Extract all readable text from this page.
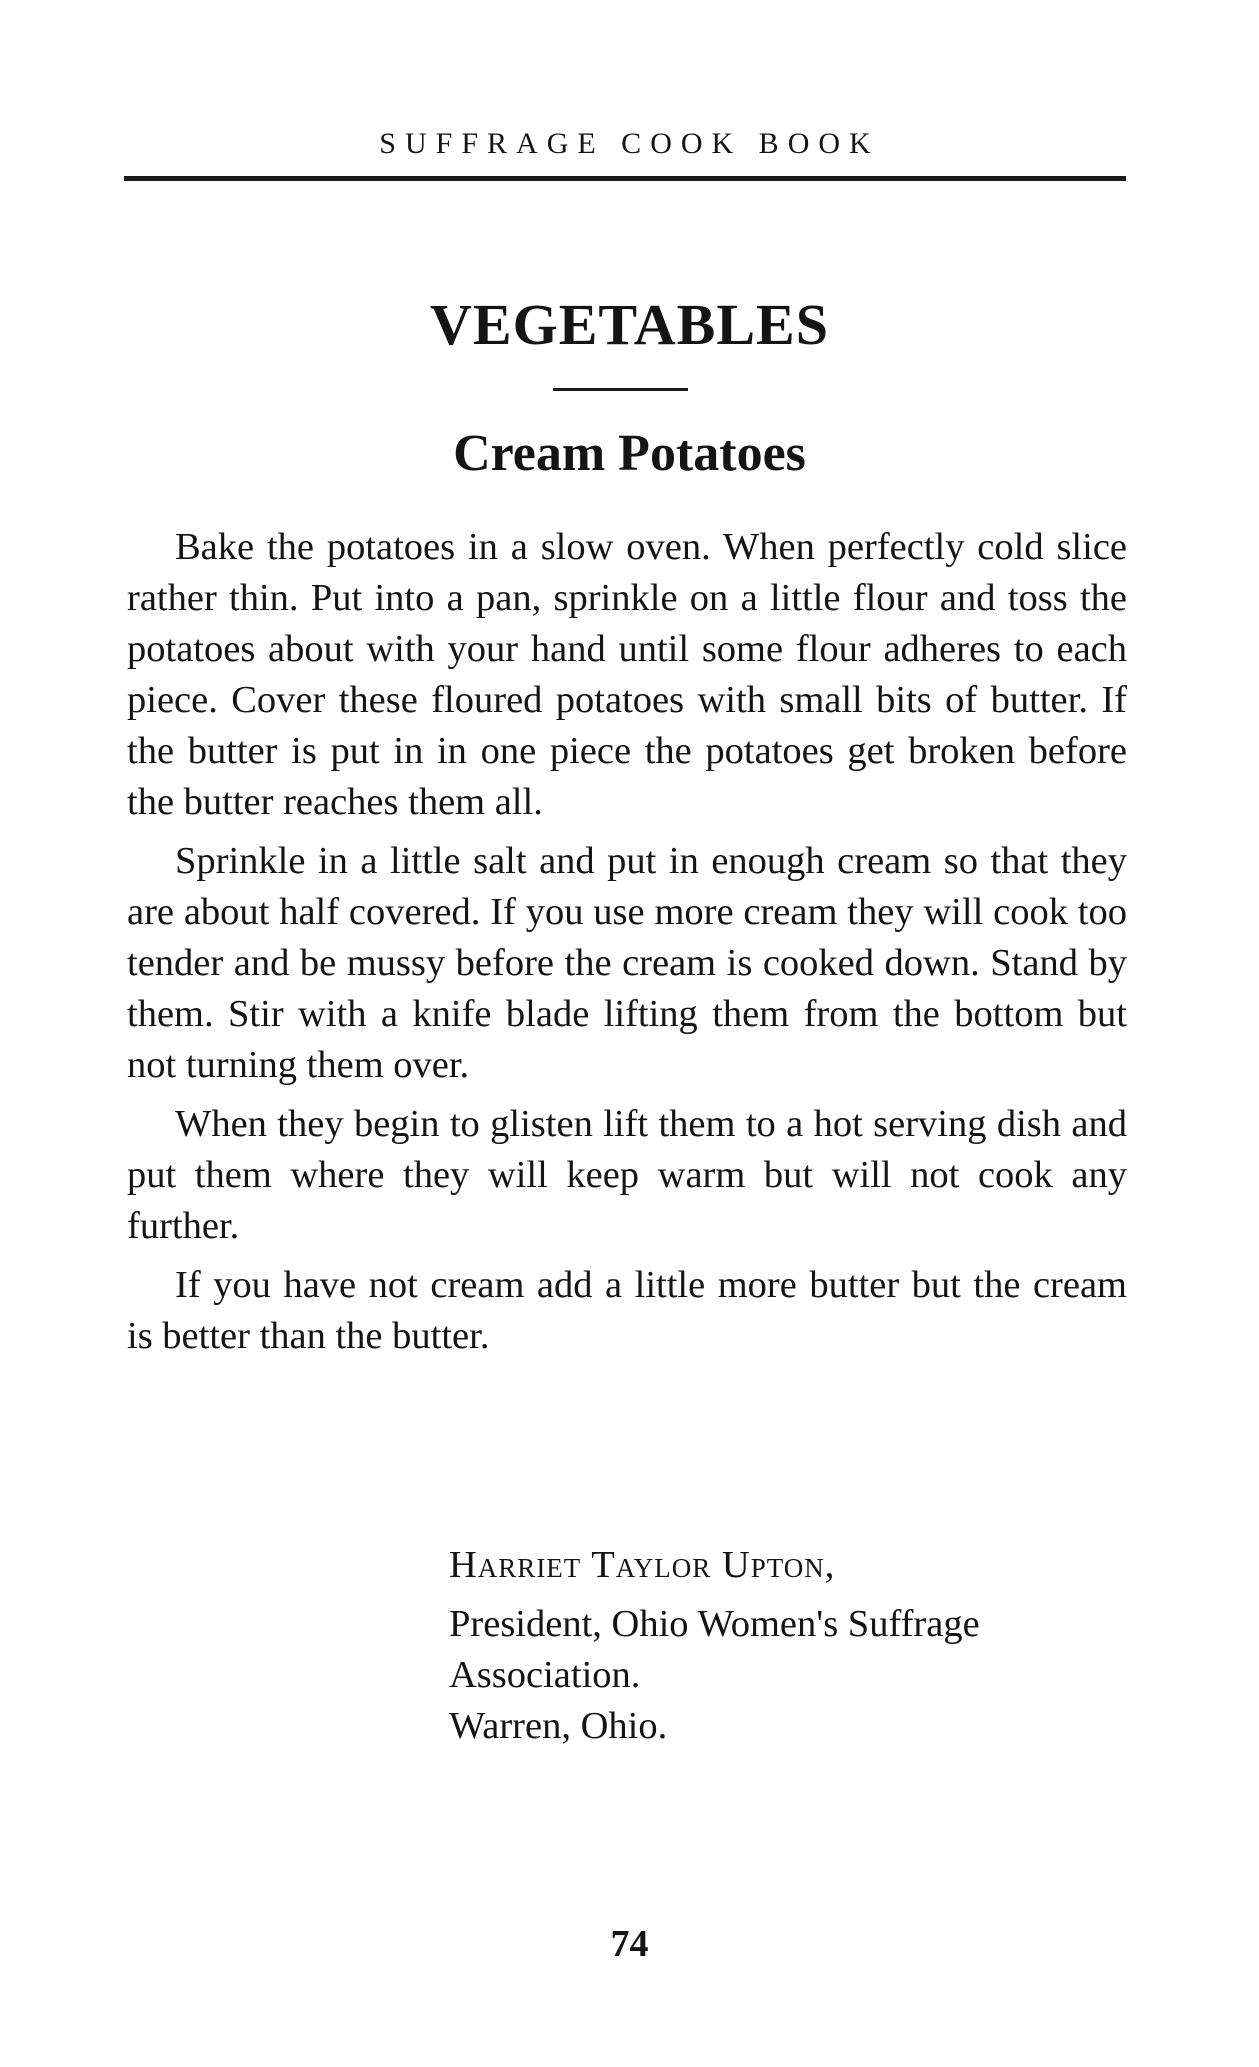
SUFFRAGE COOK BOOK
VEGETABLES
Cream Potatoes

Bake the potatoes in a slow oven. When perfectly cold slice rather thin. Put into a pan, sprinkle on a little flour and toss the potatoes about with your hand until some flour adheres to each piece. Cover these floured potatoes with small bits of butter. If the butter is put in in one piece the potatoes get broken before the butter reaches them all.

Sprinkle in a little salt and put in enough cream so that they are about half covered. If you use more cream they will cook too tender and be mussy before the cream is cooked down. Stand by them. Stir with a knife blade lifting them from the bottom but not turning them over.

When they begin to glisten lift them to a hot serving dish and put them where they will keep warm but will not cook any further.

If you have not cream add a little more butter but the cream is better than the butter.

Harriet Taylor Upton,
President, Ohio Women's Suffrage Association.
Warren, Ohio.
74
